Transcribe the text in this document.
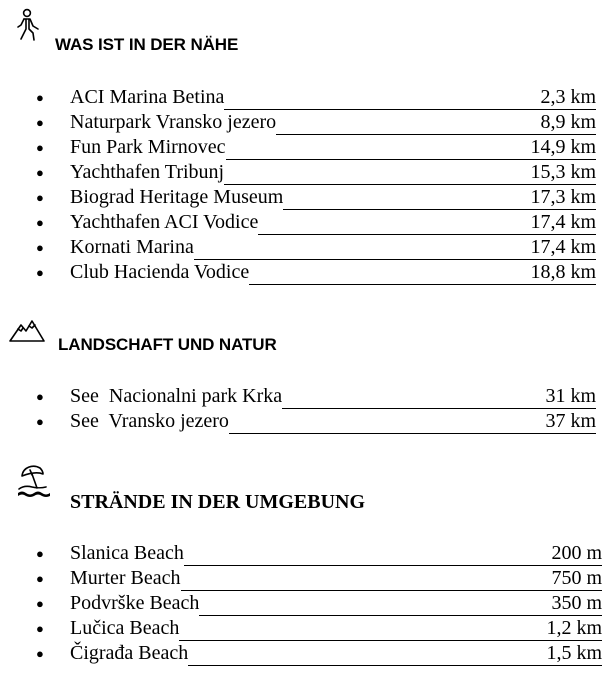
WAS IST IN DER NÄHE
● ACI Marina Betina	2,3 km
● Naturpark Vransko jezero	8,9 km
● Fun Park Mirnovec	14,9 km
● Yachthafen Tribunj	15,3 km
● Biograd Heritage Museum	17,3 km
● Yachthafen ACI Vodice	17,4 km
● Kornati Marina	17,4 km
● Club Hacienda Vodice	18,8 km
LANDSCHAFT UND NATUR
● See  Nacionalni park Krka	31 km
● See  Vransko jezero	37 km
STRÄNDE IN DER UMGEBUNG
● Slanica Beach	200 m
● Murter Beach	750 m
● Podvrške Beach	350 m
● Lučica Beach	1,2 km
● Čigrađa Beach	1,5 km
